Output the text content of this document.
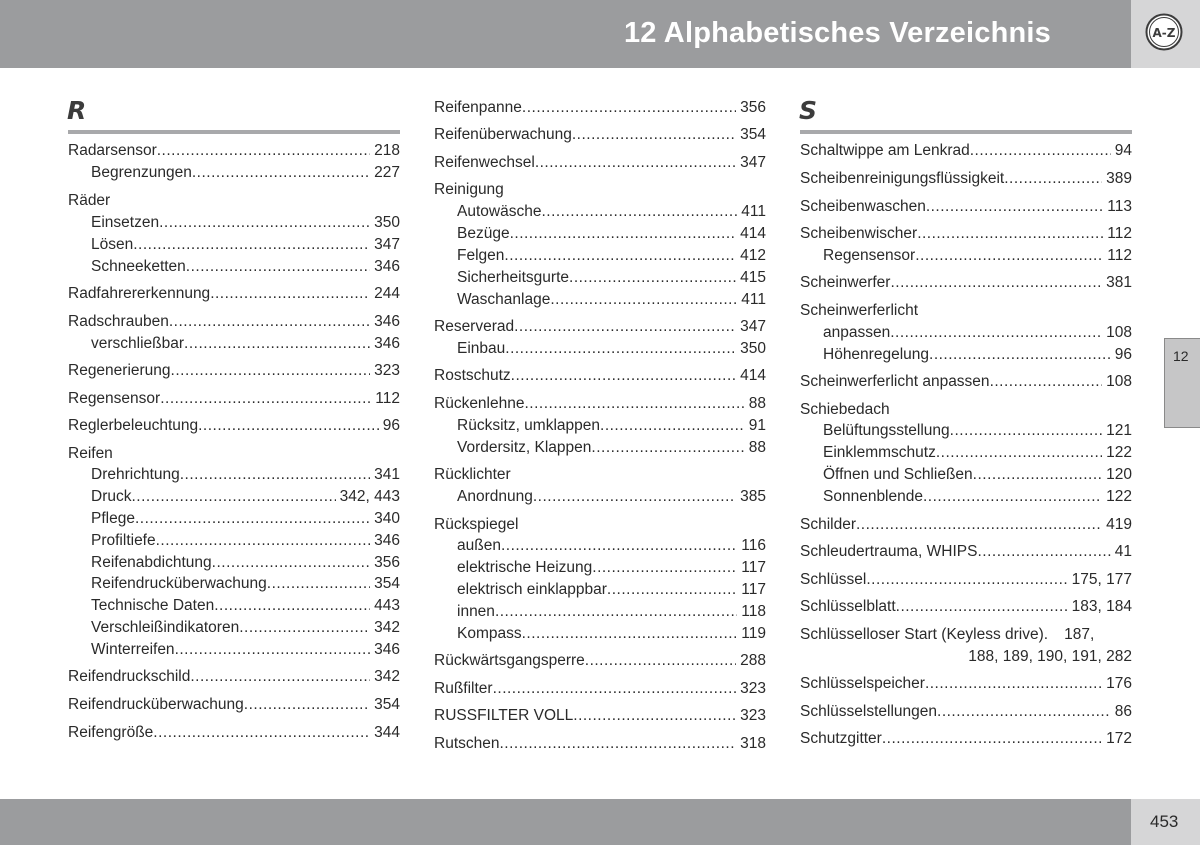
12 Alphabetisches Verzeichnis	A-Z
12
R
Radarsensor .....	218
Begrenzungen .....	227
Räder
Einsetzen .....	350
Lösen .....	347
Schneeketten .....	346
Radfahrererkennung .....	244
Radschrauben .....	346
verschließbar .....	346
Regenerierung .....	323
Regensensor .....	112
Reglerbeleuchtung .....	96
Reifen
Drehrichtung .....	341
Druck .....	342, 443
Pflege .....	340
Profiltiefe .....	346
Reifenabdichtung .....	356
Reifendrucküberwachung .....	354
Technische Daten .....	443
Verschleißindikatoren .....	342
Winterreifen .....	346
Reifendruckschild .....	342
Reifendrucküberwachung .....	354
Reifengröße .....	344
Reifenpanne .....	356
Reifenüberwachung .....	354
Reifenwechsel .....	347
Reinigung
Autowäsche .....	411
Bezüge .....	414
Felgen .....	412
Sicherheitsgurte .....	415
Waschanlage .....	411
Reserverad .....	347
Einbau .....	350
Rostschutz .....	414
Rückenlehne .....	88
Rücksitz, umklappen .....	91
Vordersitz, Klappen .....	88
Rücklichter
Anordnung .....	385
Rückspiegel
außen .....	116
elektrische Heizung .....	117
elektrisch einklappbar .....	117
innen .....	118
Kompass .....	119
Rückwärtsgangsperre .....	288
Rußfilter .....	323
RUSSFILTER VOLL .....	323
Rutschen .....	318
S
Schaltwippe am Lenkrad .....	94
Scheibenreinigungsflüssigkeit .....	389
Scheibenwaschen .....	113
Scheibenwischer .....	112
Regensensor .....	112
Scheinwerfer .....	381
Scheinwerferlicht
anpassen .....	108
Höhenregelung .....	96
Scheinwerferlicht anpassen .....	108
Schiebedach
Belüftungsstellung .....	121
Einklemmschutz .....	122
Öffnen und Schließen .....	120
Sonnenblende .....	122
Schilder .....	419
Schleudertrauma, WHIPS .....	41
Schlüssel .....	175, 177
Schlüsselblatt .....	183, 184
Schlüsselloser Start (Keyless drive). 187,
188, 189, 190, 191, 282
Schlüsselspeicher .....	176
Schlüsselstellungen .....	86
Schutzgitter .....	172
453
